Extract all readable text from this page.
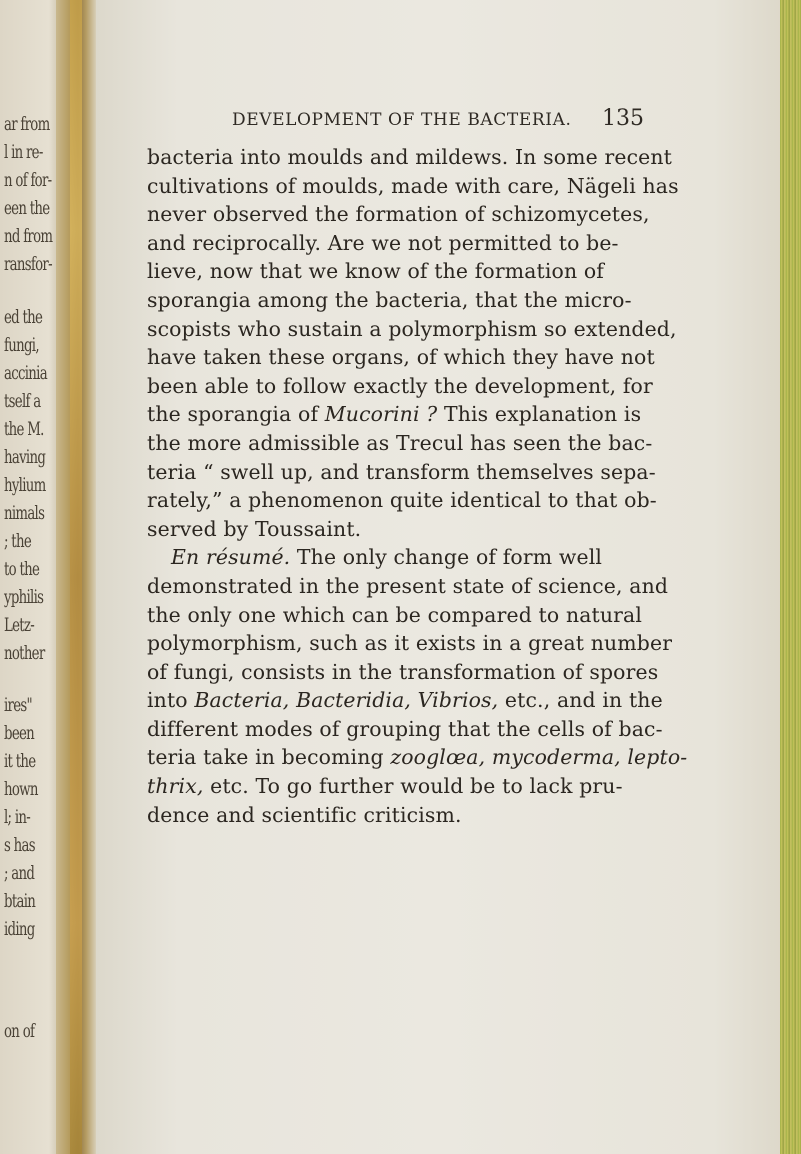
ar from
l in re-
n of for-
een the
nd from
ransfor-
ed the
fungi,
accinia
tself a
the M.
having
hylium
nimals
; the
to the
yphilis
Letz-
nother
ires"
been
it the
hown
l; in-
s has
; and
btain
iding
on of
DEVELOPMENT OF THE BACTERIA. 135
bacteria into moulds and mildews. In some recent
cultivations of moulds, made with care, Nägeli has
never observed the formation of schizomycetes,
and reciprocally. Are we not permitted to be-
lieve, now that we know of the formation of
sporangia among the bacteria, that the micro-
scopists who sustain a polymorphism so extended,
have taken these organs, of which they have not
been able to follow exactly the development, for
the sporangia of Mucorini ? This explanation is
the more admissible as Trecul has seen the bac-
teria “ swell up, and transform themselves sepa-
rately,” a phenomenon quite identical to that ob-
served by Toussaint.
En résumé. The only change of form well
demonstrated in the present state of science, and
the only one which can be compared to natural
polymorphism, such as it exists in a great number
of fungi, consists in the transformation of spores
into Bacteria, Bacteridia, Vibrios, etc., and in the
different modes of grouping that the cells of bac-
teria take in becoming zooglœa, mycoderma, lepto-
thrix, etc. To go further would be to lack pru-
dence and scientific criticism.
